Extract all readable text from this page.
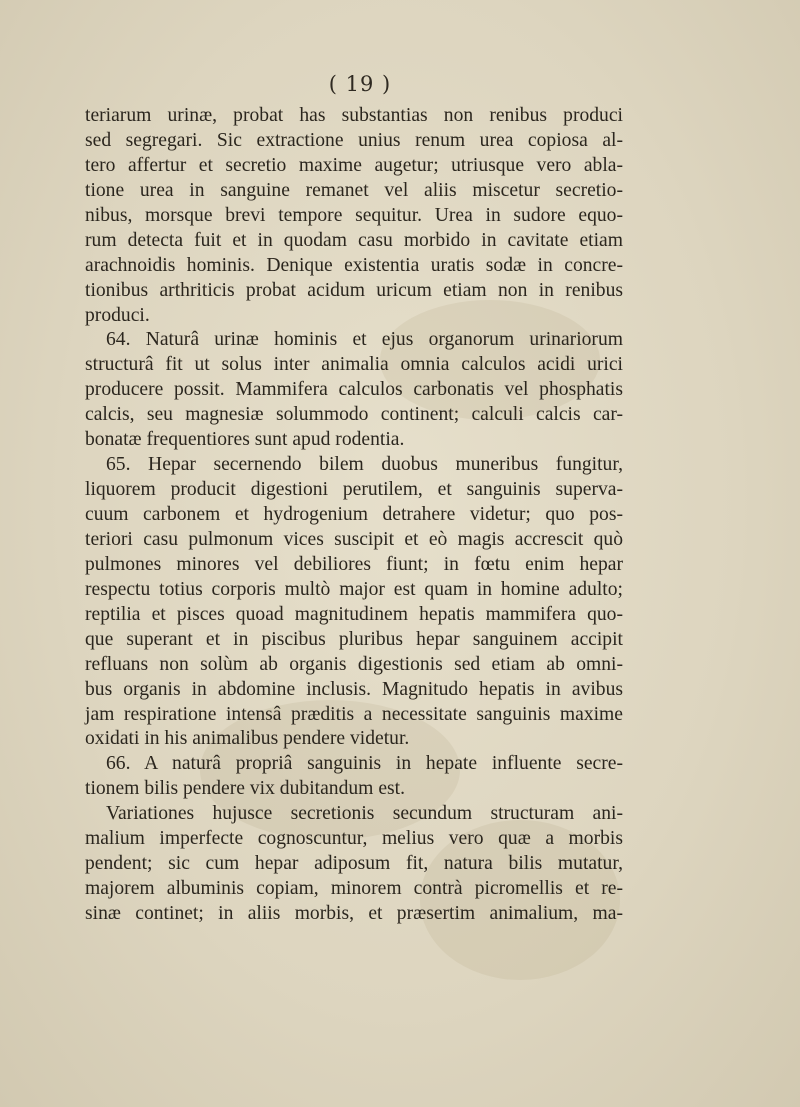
( 19 )
teriarum urinæ, probat has substantias non renibus produci
sed segregari. Sic extractione unius renum urea copiosa al-
tero affertur et secretio maxime augetur; utriusque vero abla-
tione urea in sanguine remanet vel aliis miscetur secretio-
nibus, morsque brevi tempore sequitur. Urea in sudore equo-
rum detecta fuit et in quodam casu morbido in cavitate etiam
arachnoidis hominis. Denique existentia uratis sodæ in concre-
tionibus arthriticis probat acidum uricum etiam non in renibus
produci.
64. Naturâ urinæ hominis et ejus organorum urinariorum
structurâ fit ut solus inter animalia omnia calculos acidi urici
producere possit. Mammifera calculos carbonatis vel phosphatis
calcis, seu magnesiæ solummodo continent; calculi calcis car-
bonatæ frequentiores sunt apud rodentia.
65. Hepar secernendo bilem duobus muneribus fungitur,
liquorem producit digestioni perutilem, et sanguinis superva-
cuum carbonem et hydrogenium detrahere videtur; quo pos-
teriori casu pulmonum vices suscipit et eò magis accrescit quò
pulmones minores vel debiliores fiunt; in fœtu enim hepar
respectu totius corporis multò major est quam in homine adulto;
reptilia et pisces quoad magnitudinem hepatis mammifera quo-
que superant et in piscibus pluribus hepar sanguinem accipit
refluans non solùm ab organis digestionis sed etiam ab omni-
bus organis in abdomine inclusis. Magnitudo hepatis in avibus
jam respiratione intensâ præditis a necessitate sanguinis maxime
oxidati in his animalibus pendere videtur.
66. A naturâ propriâ sanguinis in hepate influente secre-
tionem bilis pendere vix dubitandum est.
Variationes hujusce secretionis secundum structuram ani-
malium imperfecte cognoscuntur, melius vero quæ a morbis
pendent; sic cum hepar adiposum fit, natura bilis mutatur,
majorem albuminis copiam, minorem contrà picromellis et re-
sinæ continet; in aliis morbis, et præsertim animalium, ma-
